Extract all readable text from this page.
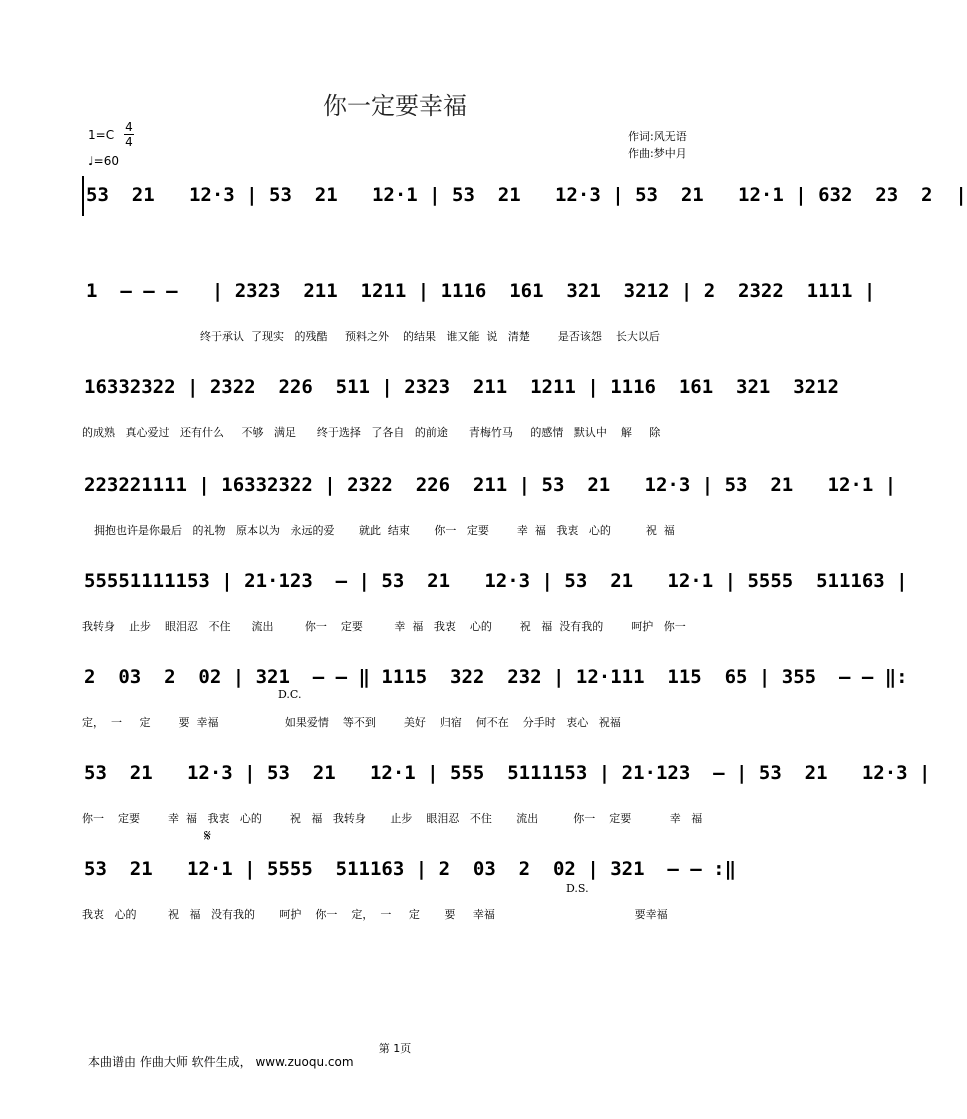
你一定要幸福
1=C
4
4
♩=60
作词:风无语
作曲:梦中月
53  21   12·3 | 53  21   12·1 | 53  21   12·3 | 53  21   12·1 | 632  23  2  |
1  — — —   | 2323  211  1211 | 1116  161  321  3212 | 2  2322  1111 |
终于承认  了现实   的残酷     预料之外    的结果   谁又能  说   清楚        是否该怨    长大以后
16332322 | 2322  226  511 | 2323  211  1211 | 1116  161  321  3212
的成熟   真心爱过   还有什么     不够   满足      终于选择   了各自   的前途      青梅竹马     的感情   默认中    解     除
223221111 | 16332322 | 2322  226  211 | 53  21   12·3 | 53  21   12·1 |
拥抱也许是你最后   的礼物   原本以为   永远的爱       就此  结束       你一   定要        幸  福   我衷   心的          祝  福
55551111153 | 21·123  — | 53  21   12·3 | 53  21   12·1 | 5555  511163 |
我转身    止步    眼泪忍   不住      流出         你一    定要         幸  福   我衷    心的        祝   福  没有我的        呵护   你一
2  03  2  02 | 321  — — ‖ 1115  322  232 | 12·111  115  65 | 355  — — ‖:
定，  一     定        要  幸福                   如果爱情    等不到        美好    归宿    何不在    分手时   衷心   祝福
D.C.
53  21   12·3 | 53  21   12·1 | 555  5111153 | 21·123  — | 53  21   12·3 |
你一    定要        幸  福   我衷   心的        祝   福   我转身       止步    眼泪忍   不住       流出          你一    定要           幸   福
𝄋
53  21   12·1 | 5555  511163 | 2  03  2  02 | 321  — — :‖
我衷   心的         祝   福   没有我的       呵护    你一    定，  一     定       要     幸福                                        要幸福
D.S.
第 1页
本曲谱由 作曲大师 软件生成， www.zuoqu.com
